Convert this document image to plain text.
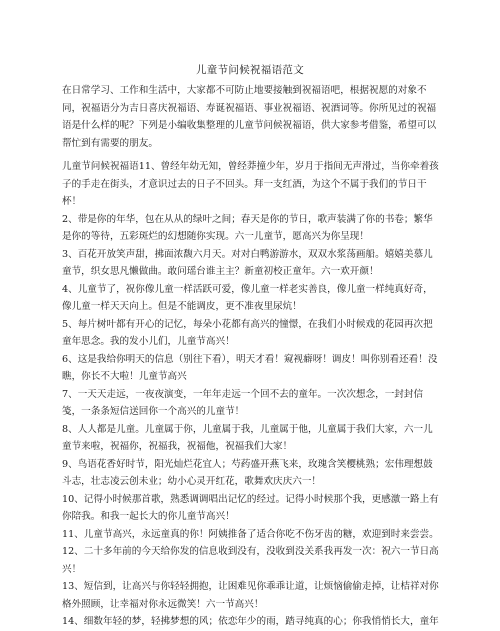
儿童节问候祝福语范文
在日常学习、工作和生活中，大家都不可防止地要接触到祝福语吧，根据祝愿的对象不同，祝福语分为吉日喜庆祝福语、寿诞祝福语、事业祝福语、祝酒词等。你所见过的祝福语是什么样的呢？下列是小编收集整理的儿童节问候祝福语，供大家参考借鉴，希望可以帮忙到有需要的朋友。
儿童节问候祝福语11、曾经年幼无知，曾经莽撞少年，岁月于指间无声滑过，当你牵着孩子的手走在街头，才意识过去的日子不回头。拜一支红酒，为这个不属于我们的节日干杯！
2、带是你的年华，包在从从的绿叶之间；春天是你的节日，歌声装满了你的书卷；繁华是你的等待，五彩斑烂的幻想随你实现。六一儿童节，愿高兴为你呈现！
3、百花开放笑声甜，拂面浓馥六月天。对对白鸭游游水，双双水浆荡画船。嬉嬉美慕儿童节，织女思凡懒做曲。敢问瑶台谁主主？新童初校正童年。六一欢开颜！
4、儿童节了，祝你像儿童一样活跃可爱，像儿童一样老实善良，像儿童一样纯真好奇，像儿童一样天天向上。但是不能调皮，更不准夜里尿炕！
5、每片树叶都有开心的记忆，每朵小花都有高兴的憧憬，在我们小时候戏的花园再次把童年思念。我的发小儿们，儿童节高兴！
6、这是我给你明天的信息（别往下看），明天才看！窥视癖呀！调皮！叫你别看还看！没瞧，你长不大啦！儿童节高兴
7、一天天走远，一夜夜演变，一年年走远一个回不去的童年。一次次想念，一封封信笺，一条条短信送回你一个高兴的儿童节！
8、人人都是儿童。儿童属于你，儿童属于我，儿童属于他，儿童属于我们大家，六一儿童节来啦，祝福你，祝福我，祝福他，祝福我们大家！
9、鸟语花香好时节，阳光灿烂花宜人；芍药盛开燕飞来，玫瑰含笑樱桃熟；宏伟理想鼓斗志，壮志凌云创未业；幼小心灵开红花，歌舞欢庆庆六一！
10、记得小时候那首歌，熟悉调调唱出记忆的经过。记得小时候那个我，更感激一路上有你陪我。和我一起长大的你儿童节高兴！
11、儿童节高兴，永远童真的你！阿姨推备了适合你吃不伤牙齿的糖，欢迎到时来尝尝。
12、二十多年前的今天给你发的信息收到没有，没收到没关系我再发一次：祝六一节日高兴！
13、短信到，让高兴与你轻轻拥抱，让困难见你乖乖让道，让烦恼偷偷走掉，让桔祥对你格外照顾，让幸福对你永远微笑！六一节高兴！
14、细数年轻的梦，轻拂梦想的风；依恋年少的雨，踏寻纯真的心；你我悄悄长大，童年
